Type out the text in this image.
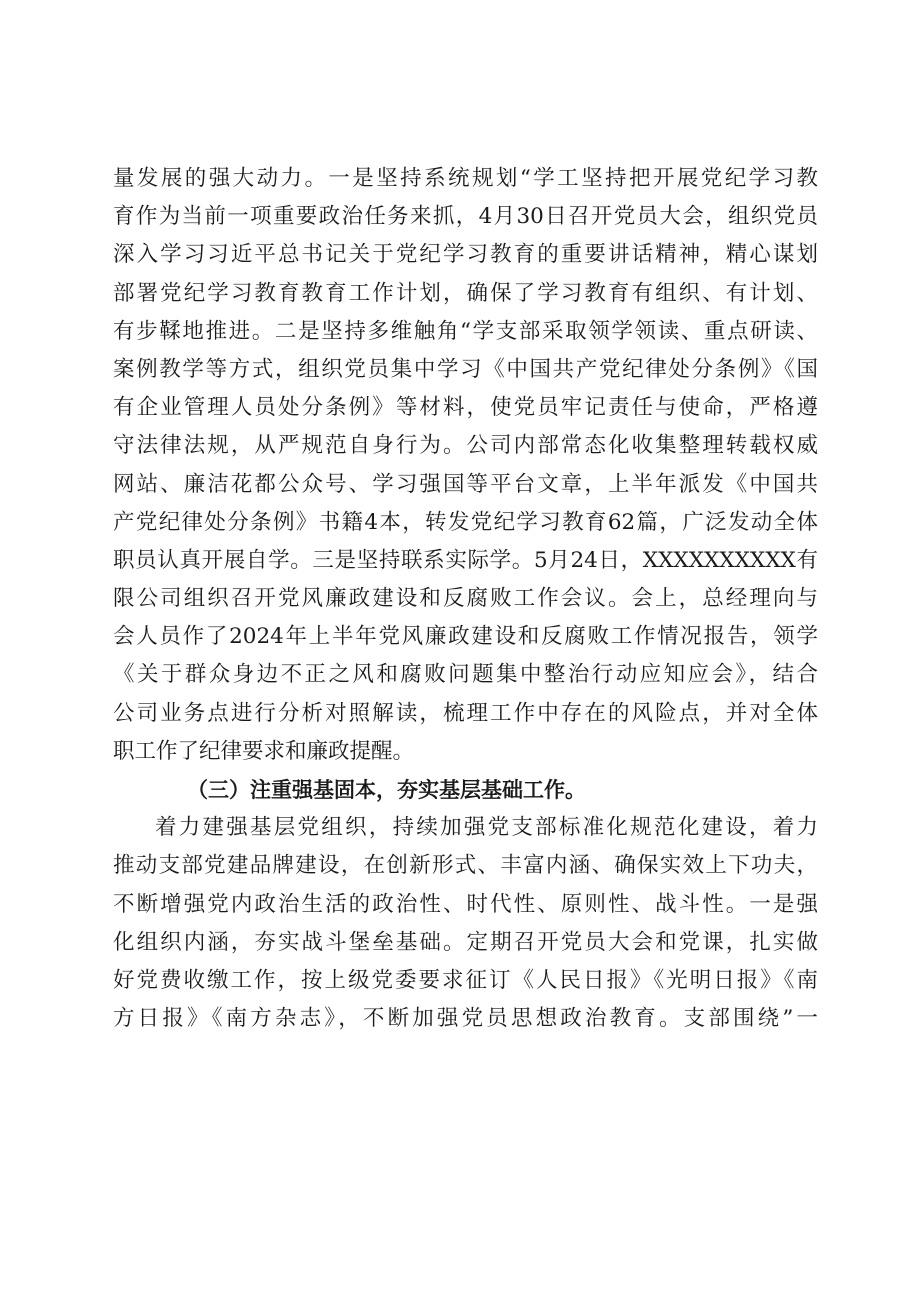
量发展的强大动力。一是坚持系统规划“学工坚持把开展党纪学习教
育作为当前一项重要政治任务来抓，4月30日召开党员大会，组织党员
深入学习习近平总书记关于党纪学习教育的重要讲话精神，精心谋划
部署党纪学习教育教育工作计划，确保了学习教育有组织、有计划、
有步鞣地推进。二是坚持多维触角“学支部采取领学领读、重点研读、
案例教学等方式，组织党员集中学习《中国共产党纪律处分条例》《国
有企业管理人员处分条例》等材料，使党员牢记责任与使命，严格遵
守法律法规，从严规范自身行为。公司内部常态化收集整理转载权威
网站、廉洁花都公众号、学习强国等平台文章，上半年派发《中国共
产党纪律处分条例》书籍4本，转发党纪学习教育62篇，广泛发动全体
职员认真开展自学。三是坚持联系实际学。5月24日，XXXXXXXXXX有
限公司组织召开党风廉政建设和反腐败工作会议。会上，总经理向与
会人员作了2024年上半年党风廉政建设和反腐败工作情况报告，领学
《关于群众身边不正之风和腐败问题集中整治行动应知应会》，结合
公司业务点进行分析对照解读，梳理工作中存在的风险点，并对全体
职工作了纪律要求和廉政提醒。
（三）注重强基固本，夯实基层基础工作。
着力建强基层党组织，持续加强党支部标准化规范化建设，着力
推动支部党建品牌建设，在创新形式、丰富内涵、确保实效上下功夫，
不断增强党内政治生活的政治性、时代性、原则性、战斗性。一是强
化组织内涵，夯实战斗堡垒基础。定期召开党员大会和党课，扎实做
好党费收缴工作，按上级党委要求征订《人民日报》《光明日报》《南
方日报》《南方杂志》，不断加强党员思想政治教育。支部围绕”一
